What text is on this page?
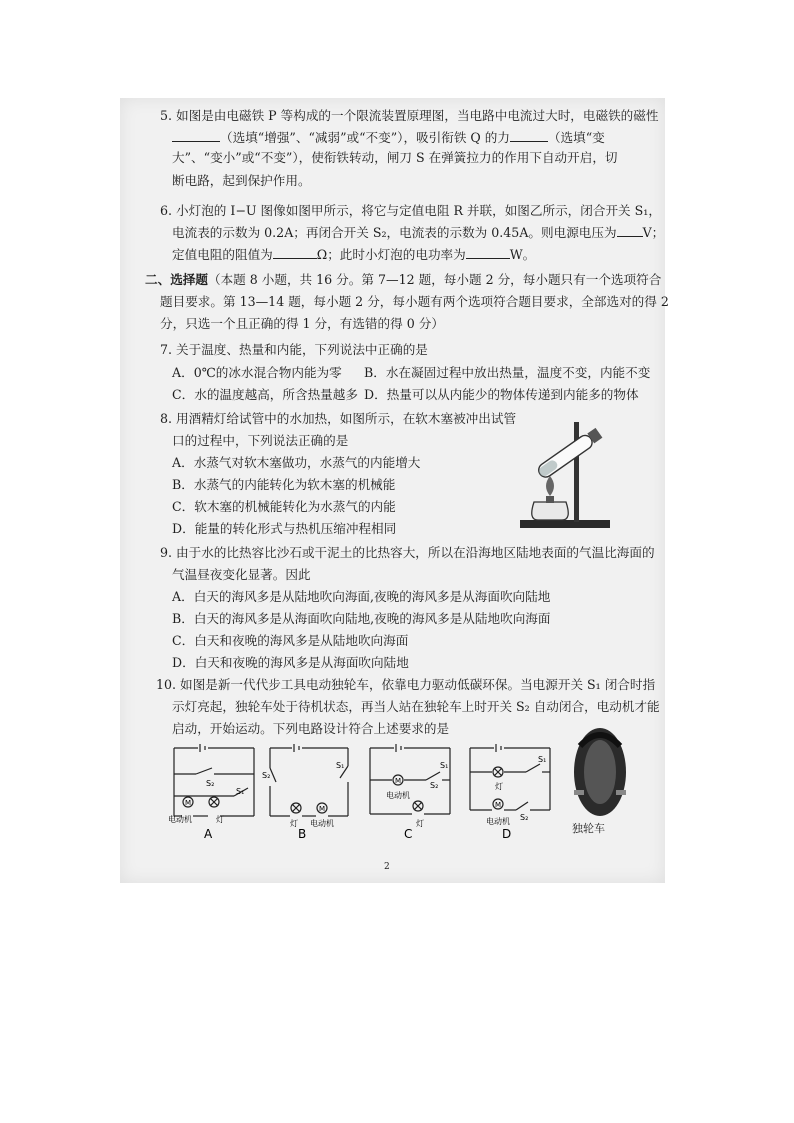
5. 如图是由电磁铁 P 等构成的一个限流装置原理图，当电路中电流过大时，电磁铁的磁性
（选填“增强”、“减弱”或“不变”），吸引衔铁 Q 的力	（选填“变
大”、“变小”或“不变”），使衔铁转动，闸刀 S 在弹簧拉力的作用下自动开启，切
断电路，起到保护作用。
6. 小灯泡的 I−U 图像如图甲所示，将它与定值电阻 R 并联，如图乙所示，闭合开关 S₁，
电流表的示数为 0.2A；再闭合开关 S₂，电流表的示数为 0.45A。则电源电压为 V；
定值电阻的阻值为	Ω；此时小灯泡的电功率为	W。
二、选择题（本题 8 小题，共 16 分。第 7—12 题，每小题 2 分，每小题只有一个选项符合
题目要求。第 13—14 题，每小题 2 分，每小题有两个选项符合题目要求，全部选对的得 2
分，只选一个且正确的得 1 分，有选错的得 0 分）
7. 关于温度、热量和内能，下列说法中正确的是
A．0℃的冰水混合物内能为零 B．水在凝固过程中放出热量，温度不变，内能不变
C．水的温度越高，所含热量越多 D．热量可以从内能少的物体传递到内能多的物体
8. 用酒精灯给试管中的水加热，如图所示，在软木塞被冲出试管
口的过程中，下列说法正确的是
A．水蒸气对软木塞做功，水蒸气的内能增大
B．水蒸气的内能转化为软木塞的机械能
C．软木塞的机械能转化为水蒸气的内能
D．能量的转化形式与热机压缩冲程相同
9. 由于水的比热容比沙石或干泥土的比热容大，所以在沿海地区陆地表面的气温比海面的
气温昼夜变化显著。因此
A．白天的海风多是从陆地吹向海面,夜晚的海风多是从海面吹向陆地
B．白天的海风多是从海面吹向陆地,夜晚的海风多是从陆地吹向海面
C．白天和夜晚的海风多是从陆地吹向海面
D．白天和夜晚的海风多是从海面吹向陆地
10. 如图是新一代代步工具电动独轮车，依靠电力驱动低碳环保。当电源开关 S₁ 闭合时指
示灯亮起，独轮车处于待机状态，再当人站在独轮车上时开关 S₂ 自动闭合，电动机才能
启动，开始运动。下列电路设计符合上述要求的是
S₂
S₁
M
电动机	灯
A
S₂
S₁
M
灯 电动机
B
M
S₁
S₂
电动机
灯
C
S₁
灯
M
S₂
电动机
D	独轮车
2
